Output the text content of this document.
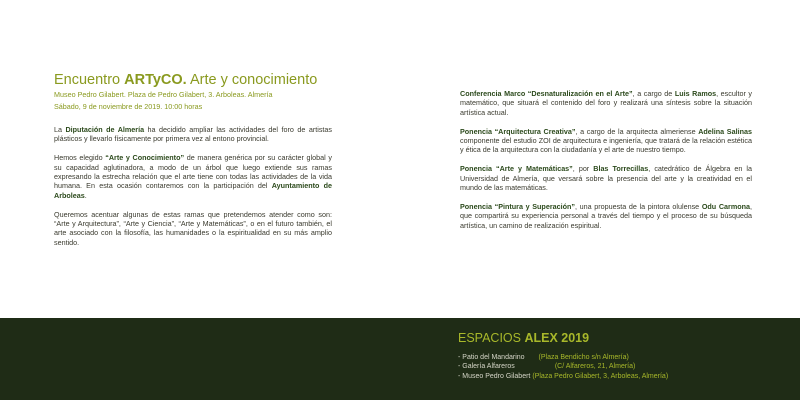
Encuentro ARTyCO. Arte y conocimiento
Museo Pedro Gilabert. Plaza de Pedro Gilabert, 3. Arboleas. Almería
Sábado, 9 de noviembre de 2019. 10:00 horas

La Diputación de Almería ha decidido ampliar las actividades del foro de artistas plásticos y llevarlo físicamente por primera vez al entono provincial.

Hemos elegido “Arte y Conocimiento” de manera genérica por su carácter global y su capacidad aglutinadora, a modo de un árbol que luego extiende sus ramas expresando la estrecha relación que el arte tiene con todas las actividades de la vida humana. En esta ocasión contaremos con la participación del Ayuntamiento de Arboleas.

Queremos acentuar algunas de estas ramas que pretendemos atender como son: “Arte y Arquitectura”, “Arte y Ciencia”, “Arte y Matemáticas”, o en el futuro también, el arte asociado con la filosofía, las humanidades o la espiritualidad en su más amplio sentido.

Conferencia Marco “Desnaturalización en el Arte”, a cargo de Luis Ramos, escultor y matemático, que situará el contenido del foro y realizará una síntesis sobre la situación artística actual.

Ponencia “Arquitectura Creativa”, a cargo de la arquitecta almeriense Adelina Salinas componente del estudio ZOI de arquitectura e ingeniería, que tratará de la relación estética y ética de la arquitectura con la ciudadanía y el arte de nuestro tiempo.

Ponencia “Arte y Matemáticas”, por Blas Torrecillas, catedrático de Álgebra en la Universidad de Almería, que versará sobre la presencia del arte y la creatividad en el mundo de las matemáticas.

Ponencia “Pintura y Superación”, una propuesta de la pintora olulense Odu Carmona, que compartirá su experiencia personal a través del tiempo y el proceso de su búsqueda artística, un camino de realización espiritual.

ESPACIOS ALEX 2019
- Patio del Mandarino (Plaza Bendicho s/n Almería)
- Galería Alfareros	(C/ Alfareros, 21, Almería)
- Museo Pedro Gilabert (Plaza Pedro Gilabert, 3, Arboleas, Almería)
